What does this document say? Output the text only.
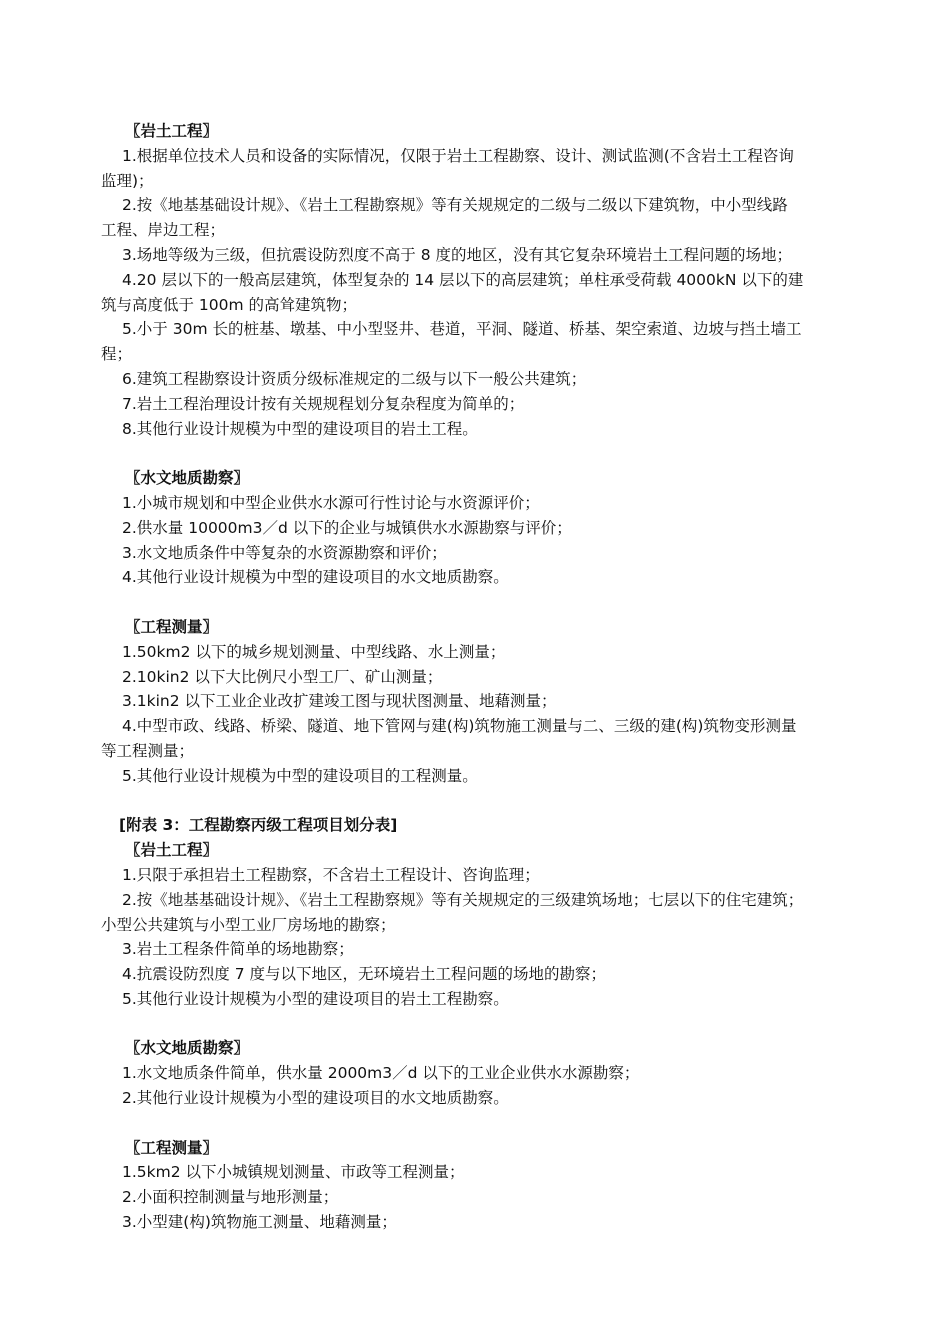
〖岩土工程〗
1.根据单位技术人员和设备的实际情况，仅限于岩土工程勘察、设计、测试监测(不含岩土工程咨询
监理)；
2.按《地基基础设计规》、《岩土工程勘察规》等有关规规定的二级与二级以下建筑物，中小型线路
工程、岸边工程；
3.场地等级为三级，但抗震设防烈度不高于 8 度的地区，没有其它复杂环境岩土工程问题的场地；
4.20 层以下的一般高层建筑，体型复杂的 14 层以下的高层建筑；单柱承受荷载 4000kN 以下的建
筑与高度低于 100m 的高耸建筑物；
5.小于 30m 长的桩基、墩基、中小型竖井、巷道，平洞、隧道、桥基、架空索道、边坡与挡土墙工
程；
6.建筑工程勘察设计资质分级标准规定的二级与以下一般公共建筑；
7.岩土工程治理设计按有关规规程划分复杂程度为简单的；
8.其他行业设计规模为中型的建设项目的岩土工程。
〖水文地质勘察〗
1.小城市规划和中型企业供水水源可行性讨论与水资源评价；
2.供水量 10000m3／d 以下的企业与城镇供水水源勘察与评价；
3.水文地质条件中等复杂的水资源勘察和评价；
4.其他行业设计规模为中型的建设项目的水文地质勘察。
〖工程测量〗
1.50km2 以下的城乡规划测量、中型线路、水上测量；
2.10kin2 以下大比例尺小型工厂、矿山测量；
3.1kin2 以下工业企业改扩建竣工图与现状图测量、地藉测量；
4.中型市政、线路、桥梁、隧道、地下管网与建(构)筑物施工测量与二、三级的建(构)筑物变形测量
等工程测量；
5.其他行业设计规模为中型的建设项目的工程测量。
[附表 3：工程勘察丙级工程项目划分表]
〖岩土工程〗
1.只限于承担岩土工程勘察，不含岩土工程设计、咨询监理；
2.按《地基基础设计规》、《岩土工程勘察规》等有关规规定的三级建筑场地；七层以下的住宅建筑；
小型公共建筑与小型工业厂房场地的勘察；
3.岩土工程条件简单的场地勘察；
4.抗震设防烈度 7 度与以下地区，无环境岩土工程问题的场地的勘察；
5.其他行业设计规模为小型的建设项目的岩土工程勘察。
〖水文地质勘察〗
1.水文地质条件简单，供水量 2000m3／d 以下的工业企业供水水源勘察；
2.其他行业设计规模为小型的建设项目的水文地质勘察。
〖工程测量〗
1.5km2 以下小城镇规划测量、市政等工程测量；
2.小面积控制测量与地形测量；
3.小型建(构)筑物施工测量、地藉测量；
